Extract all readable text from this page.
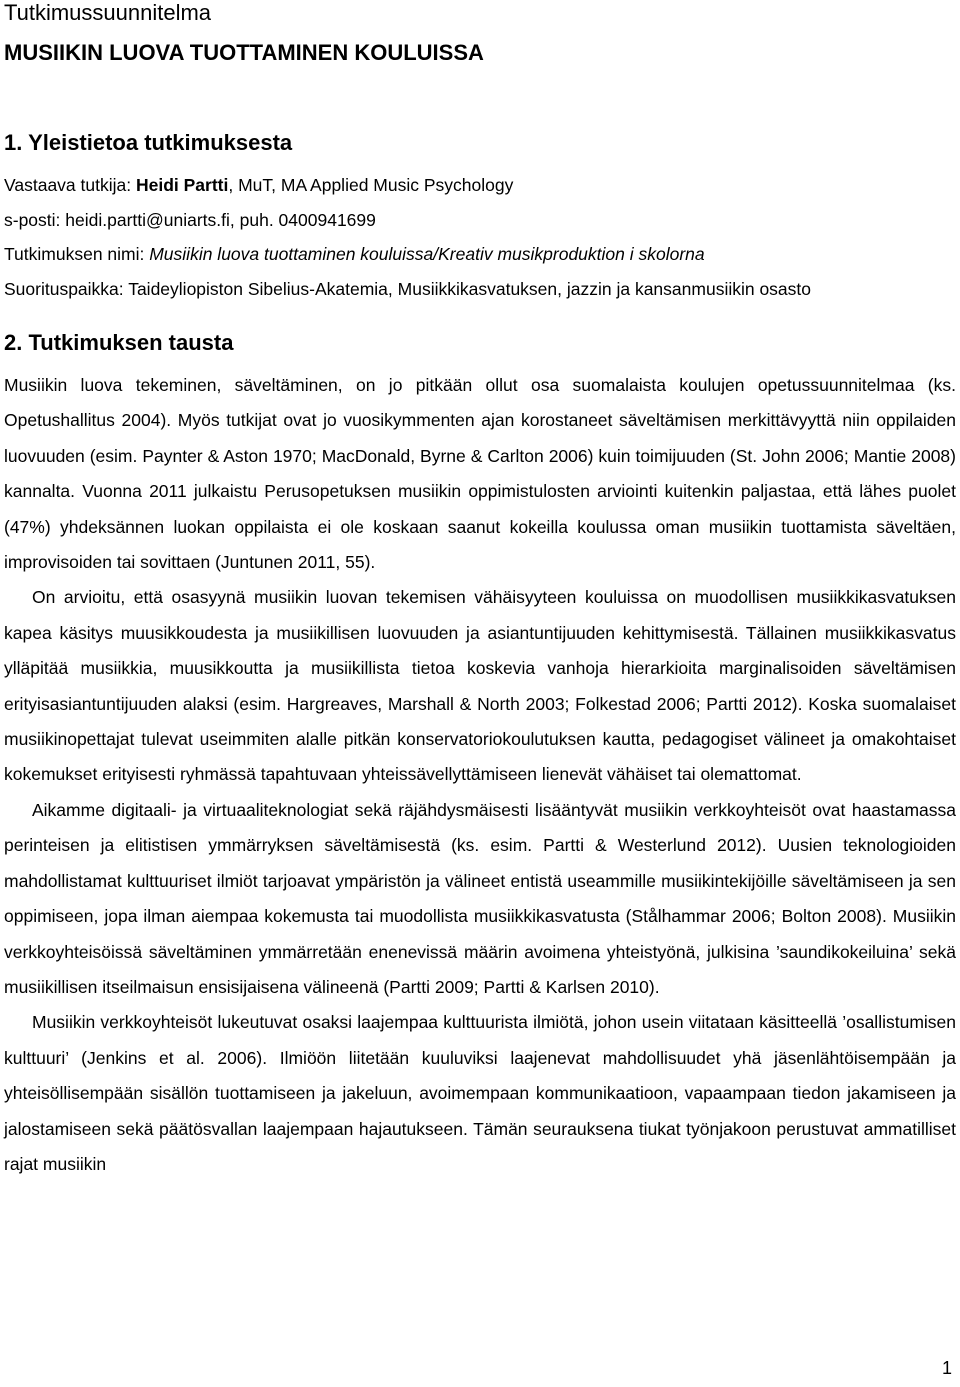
Tutkimussuunnitelma

MUSIIKIN LUOVA TUOTTAMINEN KOULUISSA
1. Yleistietoa tutkimuksesta

Vastaava tutkija: Heidi Partti, MuT, MA Applied Music Psychology

s-posti: heidi.partti@uniarts.fi, puh. 0400941699

Tutkimuksen nimi: Musiikin luova tuottaminen kouluissa/Kreativ musikproduktion i skolorna

Suorituspaikka: Taideyliopiston Sibelius-Akatemia, Musiikkikasvatuksen, jazzin ja kansanmusiikin osasto

2. Tutkimuksen tausta

Musiikin luova tekeminen, säveltäminen, on jo pitkään ollut osa suomalaista koulujen opetussuunnitelmaa (ks. Opetushallitus 2004). Myös tutkijat ovat jo vuosikymmenten ajan korostaneet säveltämisen merkittävyyttä niin oppilaiden luovuuden (esim. Paynter & Aston 1970; MacDonald, Byrne & Carlton 2006) kuin toimijuuden (St. John 2006; Mantie 2008) kannalta. Vuonna 2011 julkaistu Perusopetuksen musiikin oppimistulosten arviointi kuitenkin paljastaa, että lähes puolet (47%) yhdeksännen luokan oppilaista ei ole koskaan saanut kokeilla koulussa oman musiikin tuottamista säveltäen, improvisoiden tai sovittaen (Juntunen 2011, 55).

On arvioitu, että osasyynä musiikin luovan tekemisen vähäisyyteen kouluissa on muodollisen musiikkikasvatuksen kapea käsitys muusikkoudesta ja musiikillisen luovuuden ja asiantuntijuuden kehittymisestä. Tällainen musiikkikasvatus ylläpitää musiikkia, muusikkoutta ja musiikillista tietoa koskevia vanhoja hierarkioita marginalisoiden säveltämisen erityisasiantuntijuuden alaksi (esim. Hargreaves, Marshall & North 2003; Folkestad 2006; Partti 2012). Koska suomalaiset musiikinopettajat tulevat useimmiten alalle pitkän konservatoriokoulutuksen kautta, pedagogiset välineet ja omakohtaiset kokemukset erityisesti ryhmässä tapahtuvaan yhteissävellyttämiseen lienevät vähäiset tai olemattomat.

Aikamme digitaali- ja virtuaaliteknologiat sekä räjähdysmäisesti lisääntyvät musiikin verkkoyhteisöt ovat haastamassa perinteisen ja elitistisen ymmärryksen säveltämisestä (ks. esim. Partti & Westerlund 2012). Uusien teknologioiden mahdollistamat kulttuuriset ilmiöt tarjoavat ympäristön ja välineet entistä useammille musiikintekijöille säveltämiseen ja sen oppimiseen, jopa ilman aiempaa kokemusta tai muodollista musiikkikasvatusta (Stålhammar 2006; Bolton 2008). Musiikin verkkoyhteisöissä säveltäminen ymmärretään enenevissä määrin avoimena yhteistyönä, julkisina ’saundikokeiluina’ sekä musiikillisen itseilmaisun ensisijaisena välineenä (Partti 2009; Partti & Karlsen 2010).

Musiikin verkkoyhteisöt lukeutuvat osaksi laajempaa kulttuurista ilmiötä, johon usein viitataan käsitteellä ’osallistumisen kulttuuri’ (Jenkins et al. 2006). Ilmiöön liitetään kuuluviksi laajenevat mahdollisuudet yhä jäsenlähtöisempään ja yhteisöllisempään sisällön tuottamiseen ja jakeluun, avoimempaan kommunikaatioon, vapaampaan tiedon jakamiseen ja jalostamiseen sekä päätösvallan laajempaan hajautukseen. Tämän seurauksena tiukat työnjakoon perustuvat ammatilliset rajat musiikin

1
